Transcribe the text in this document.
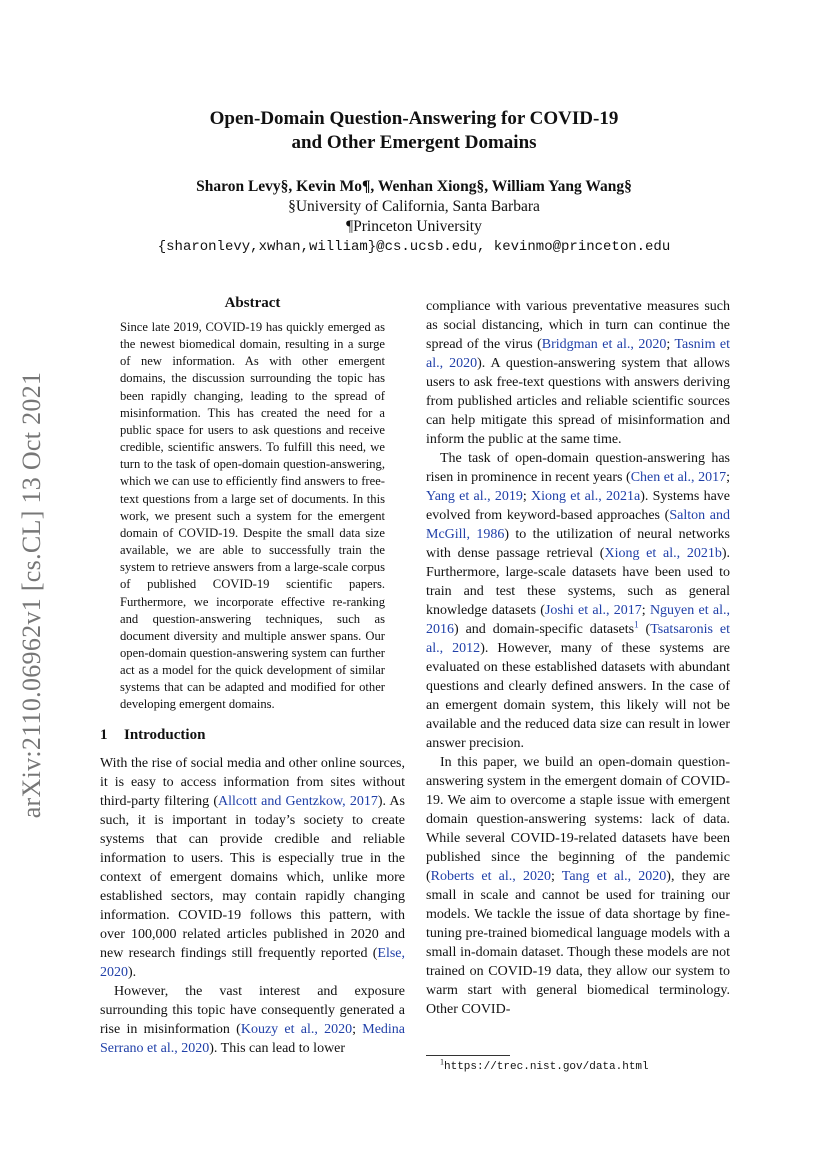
arXiv:2110.06962v1 [cs.CL] 13 Oct 2021
Open-Domain Question-Answering for COVID-19
and Other Emergent Domains
Sharon Levy§, Kevin Mo¶, Wenhan Xiong§, William Yang Wang§
§University of California, Santa Barbara
¶Princeton University
{sharonlevy,xwhan,william}@cs.ucsb.edu, kevinmo@princeton.edu
Abstract

Since late 2019, COVID-19 has quickly emerged as the newest biomedical domain, resulting in a surge of new information. As with other emergent domains, the discussion surrounding the topic has been rapidly changing, leading to the spread of misinformation. This has created the need for a public space for users to ask questions and receive credible, scientific answers. To fulfill this need, we turn to the task of open-domain question-answering, which we can use to efficiently find answers to free-text questions from a large set of documents. In this work, we present such a system for the emergent domain of COVID-19. Despite the small data size available, we are able to successfully train the system to retrieve answers from a large-scale corpus of published COVID-19 scientific papers. Furthermore, we incorporate effective re-ranking and question-answering techniques, such as document diversity and multiple answer spans. Our open-domain question-answering system can further act as a model for the quick development of similar systems that can be adapted and modified for other developing emergent domains.

1 Introduction

With the rise of social media and other online sources, it is easy to access information from sites without third-party filtering (Allcott and Gentzkow, 2017). As such, it is important in today’s society to create systems that can provide credible and reliable information to users. This is especially true in the context of emergent domains which, unlike more established sectors, may contain rapidly changing information. COVID-19 follows this pattern, with over 100,000 related articles published in 2020 and new research findings still frequently reported (Else, 2020).

However, the vast interest and exposure surrounding this topic have consequently generated a rise in misinformation (Kouzy et al., 2020; Medina Serrano et al., 2020). This can lead to lower

compliance with various preventative measures such as social distancing, which in turn can continue the spread of the virus (Bridgman et al., 2020; Tasnim et al., 2020). A question-answering system that allows users to ask free-text questions with answers deriving from published articles and reliable scientific sources can help mitigate this spread of misinformation and inform the public at the same time.

The task of open-domain question-answering has risen in prominence in recent years (Chen et al., 2017; Yang et al., 2019; Xiong et al., 2021a). Systems have evolved from keyword-based approaches (Salton and McGill, 1986) to the utilization of neural networks with dense passage retrieval (Xiong et al., 2021b). Furthermore, large-scale datasets have been used to train and test these systems, such as general knowledge datasets (Joshi et al., 2017; Nguyen et al., 2016) and domain-specific datasets$^1$ (Tsatsaronis et al., 2012). However, many of these systems are evaluated on these established datasets with abundant questions and clearly defined answers. In the case of an emergent domain system, this likely will not be available and the reduced data size can result in lower answer precision.

In this paper, we build an open-domain question-answering system in the emergent domain of COVID-19. We aim to overcome a staple issue with emergent domain question-answering systems: lack of data. While several COVID-19-related datasets have been published since the beginning of the pandemic (Roberts et al., 2020; Tang et al., 2020), they are small in scale and cannot be used for training our models. We tackle the issue of data shortage by fine-tuning pre-trained biomedical language models with a small in-domain dataset. Though these models are not trained on COVID-19 data, they allow our system to warm start with general biomedical terminology. Other COVID-

$^1$https://trec.nist.gov/data.html
